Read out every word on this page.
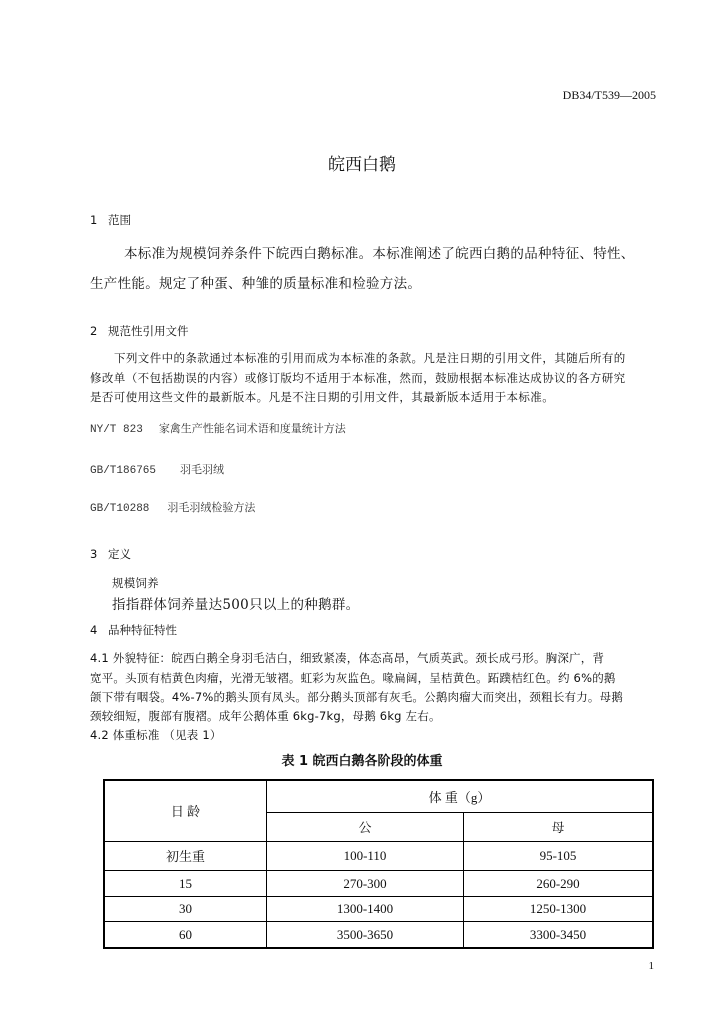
DB34/T539—2005
皖西白鹅
1 范围
本标准为规模饲养条件下皖西白鹅标准。本标准阐述了皖西白鹅的品种特征、特性、
生产性能。规定了种蛋、种雏的质量标准和检验方法。
2 规范性引用文件
下列文件中的条款通过本标准的引用而成为本标准的条款。凡是注日期的引用文件，其随后所有的
修改单（不包括勘误的内容）或修订版均不适用于本标准，然而，鼓励根据本标准达成协议的各方研究
是否可使用这些文件的最新版本。凡是不注日期的引用文件，其最新版本适用于本标准。
NY/T 823 家禽生产性能名词术语和度量统计方法
GB/T186765 羽毛羽绒
GB/T10288 羽毛羽绒检验方法
3 定义
规模饲养
指指群体饲养量达500只以上的种鹅群。
4 品种特征特性
4.1 外貌特征：皖西白鹅全身羽毛洁白，细致紧凑，体态高昂，气质英武。颈长成弓形。胸深广，背
宽平。头顶有桔黄色肉瘤，光滑无皱褶。虹彩为灰监色。喙扁阔，呈桔黄色。跖蹼桔红色。约 6%的鹅
颌下带有咽袋。4%-7%的鹅头顶有凤头。部分鹅头顶部有灰毛。公鹅肉瘤大而突出，颈粗长有力。母鹅
颈较细短，腹部有腹褶。成年公鹅体重 6kg-7kg，母鹅 6kg 左右。
4.2 体重标准 （见表 1）
表 1 皖西白鹅各阶段的体重
日 龄	体 重（g）	
	公	母
初生重	100-110	95-105
15	270-300	260-290
30	1300-1400	1250-1300
60	3500-3650	3300-3450
1
